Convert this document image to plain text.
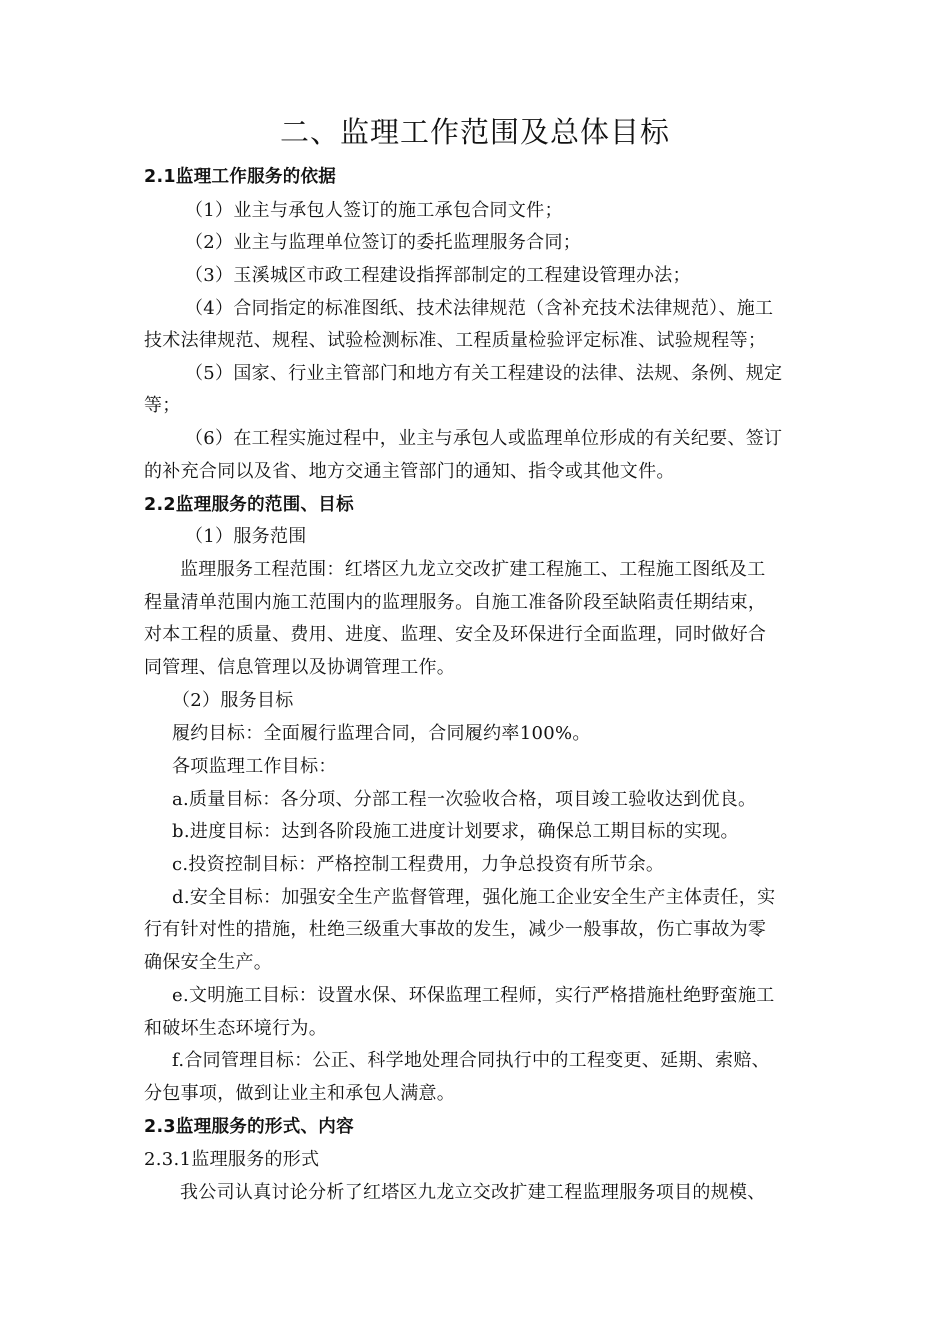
二、监理工作范围及总体目标
2.1监理工作服务的依据
（1）业主与承包人签订的施工承包合同文件；
（2）业主与监理单位签订的委托监理服务合同；
（3）玉溪城区市政工程建设指挥部制定的工程建设管理办法；
（4）合同指定的标准图纸、技术法律规范（含补充技术法律规范）、施工
技术法律规范、规程、试验检测标准、工程质量检验评定标准、试验规程等；
（5）国家、行业主管部门和地方有关工程建设的法律、法规、条例、规定
等；
（6）在工程实施过程中，业主与承包人或监理单位形成的有关纪要、签订
的补充合同以及省、地方交通主管部门的通知、指令或其他文件。
2.2监理服务的范围、目标
（1）服务范围
监理服务工程范围：红塔区九龙立交改扩建工程施工、工程施工图纸及工
程量清单范围内施工范围内的监理服务。自施工准备阶段至缺陷责任期结束，
对本工程的质量、费用、进度、监理、安全及环保进行全面监理，同时做好合
同管理、信息管理以及协调管理工作。
（2）服务目标
履约目标：全面履行监理合同，合同履约率100%。
各项监理工作目标：
a.质量目标：各分项、分部工程一次验收合格，项目竣工验收达到优良。
b.进度目标：达到各阶段施工进度计划要求，确保总工期目标的实现。
c.投资控制目标：严格控制工程费用，力争总投资有所节余。
d.安全目标：加强安全生产监督管理，强化施工企业安全生产主体责任，实
行有针对性的措施，杜绝三级重大事故的发生，减少一般事故，伤亡事故为零
确保安全生产。
e.文明施工目标：设置水保、环保监理工程师，实行严格措施杜绝野蛮施工
和破坏生态环境行为。
f.合同管理目标：公正、科学地处理合同执行中的工程变更、延期、索赔、
分包事项，做到让业主和承包人满意。
2.3监理服务的形式、内容
2.3.1监理服务的形式
我公司认真讨论分析了红塔区九龙立交改扩建工程监理服务项目的规模、
